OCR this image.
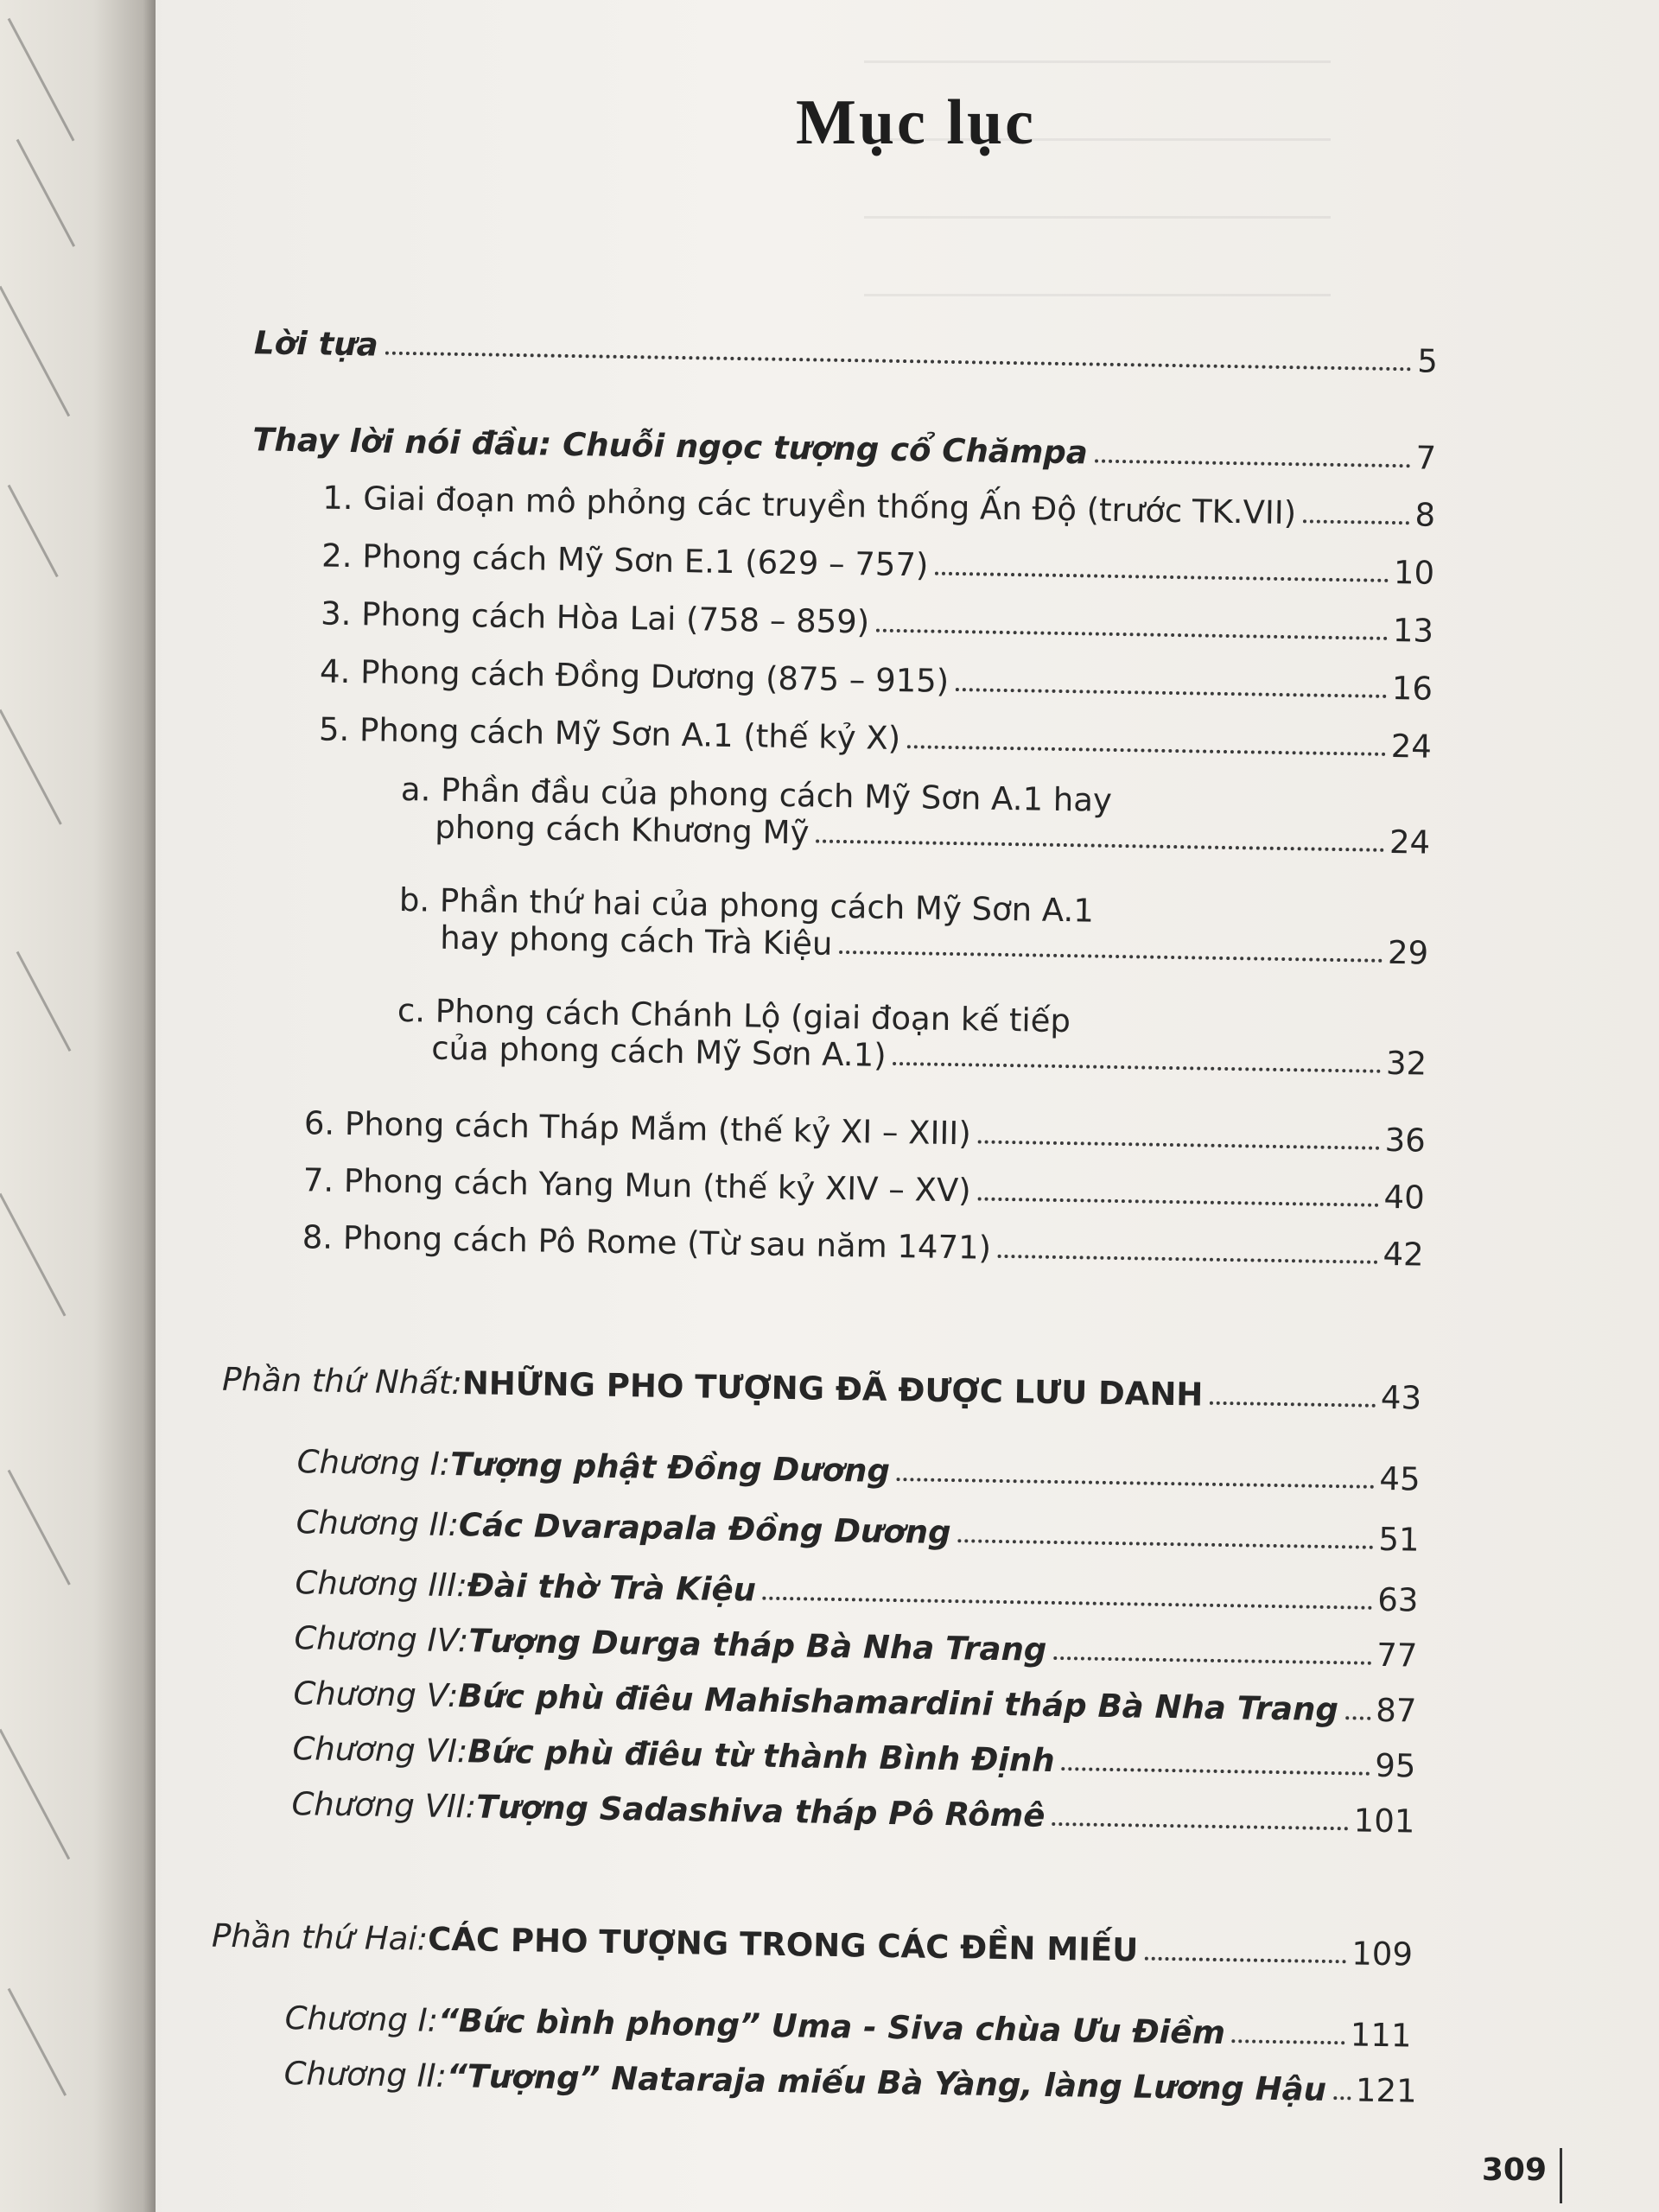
Mục lục
Lời tựa	5
Thay lời nói đầu: Chuỗi ngọc tượng cổ Chămpa	7
1. Giai đoạn mô phỏng các truyền thống Ấn Độ (trước TK.VII)	8
2. Phong cách Mỹ Sơn E.1 (629 – 757)	10
3. Phong cách Hòa Lai (758 – 859)	13
4. Phong cách Đồng Dương (875 – 915)	16
5. Phong cách Mỹ Sơn A.1 (thế kỷ X)	24
a. Phần đầu của phong cách Mỹ Sơn A.1 hay
phong cách Khương Mỹ	24
b. Phần thứ hai của phong cách Mỹ Sơn A.1
hay phong cách Trà Kiệu	29
c. Phong cách Chánh Lộ (giai đoạn kế tiếp
của phong cách Mỹ Sơn A.1)	32
6. Phong cách Tháp Mắm (thế kỷ XI – XIII)	36
7. Phong cách Yang Mun (thế kỷ XIV – XV)	40
8. Phong cách Pô Rome (Từ sau năm 1471)	42
Phần thứ Nhất: NHỮNG PHO TƯỢNG ĐÃ ĐƯỢC LƯU DANH	43
Chương I: Tượng phật Đồng Dương	45
Chương II: Các Dvarapala Đồng Dương	51
Chương III: Đài thờ Trà Kiệu	63
Chương IV: Tượng Durga tháp Bà Nha Trang	77
Chương V: Bức phù điêu Mahishamardini tháp Bà Nha Trang 87
Chương VI: Bức phù điêu từ thành Bình Định	95
Chương VII: Tượng Sadashiva tháp Pô Rômê	101
Phần thứ Hai: CÁC PHO TƯỢNG TRONG CÁC ĐỀN MIẾU	109
Chương I: “Bức bình phong” Uma - Siva chùa Ưu Điềm	111
Chương II: “Tượng” Nataraja miếu Bà Yàng, làng Lương Hậu 121
309
